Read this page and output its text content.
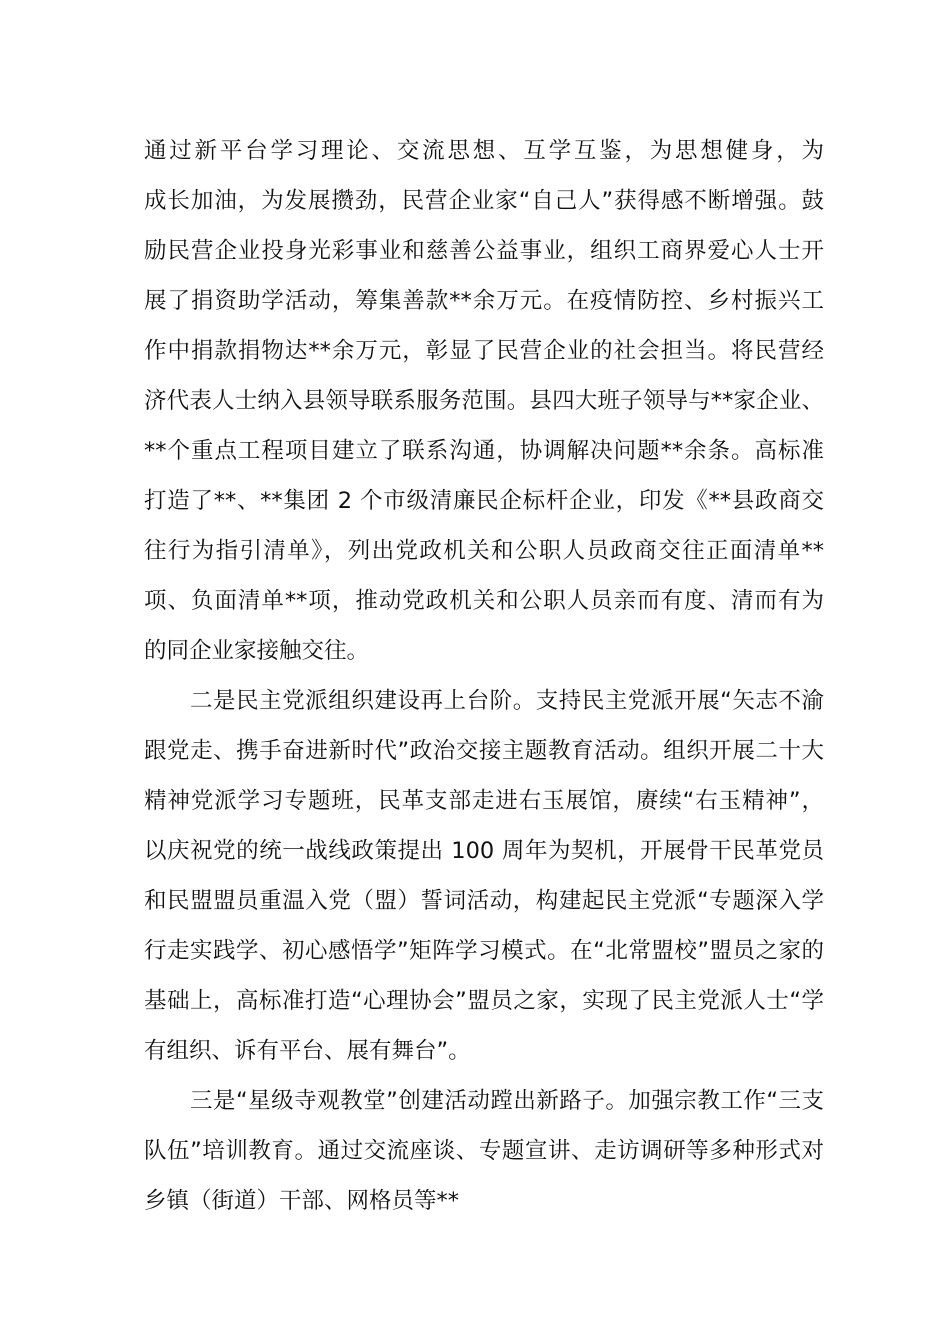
通过新平台学习理论、交流思想、互学互鉴，为思想健身，为
成长加油，为发展攒劲，民营企业家“自己人”获得感不断增强。鼓
励民营企业投身光彩事业和慈善公益事业，组织工商界爱心人士开
展了捐资助学活动，筹集善款**余万元。在疫情防控、乡村振兴工
作中捐款捐物达**余万元，彰显了民营企业的社会担当。将民营经
济代表人士纳入县领导联系服务范围。县四大班子领导与**家企业、
**个重点工程项目建立了联系沟通，协调解决问题**余条。高标准
打造了**、**集团 2 个市级清廉民企标杆企业，印发《**县政商交
往行为指引清单》，列出党政机关和公职人员政商交往正面清单**
项、负面清单**项，推动党政机关和公职人员亲而有度、清而有为
的同企业家接触交往。
二是民主党派组织建设再上台阶。支持民主党派开展“矢志不渝
跟党走、携手奋进新时代”政治交接主题教育活动。组织开展二十大
精神党派学习专题班，民革支部走进右玉展馆，赓续“右玉精神”，
以庆祝党的统一战线政策提出 100 周年为契机，开展骨干民革党员
和民盟盟员重温入党（盟）誓词活动，构建起民主党派“专题深入学
行走实践学、初心感悟学”矩阵学习模式。在“北常盟校”盟员之家的
基础上，高标准打造“心理协会”盟员之家，实现了民主党派人士“学
有组织、诉有平台、展有舞台”。
三是“星级寺观教堂”创建活动蹚出新路子。加强宗教工作“三支
队伍”培训教育。通过交流座谈、专题宣讲、走访调研等多种形式对
乡镇（街道）干部、网格员等**
